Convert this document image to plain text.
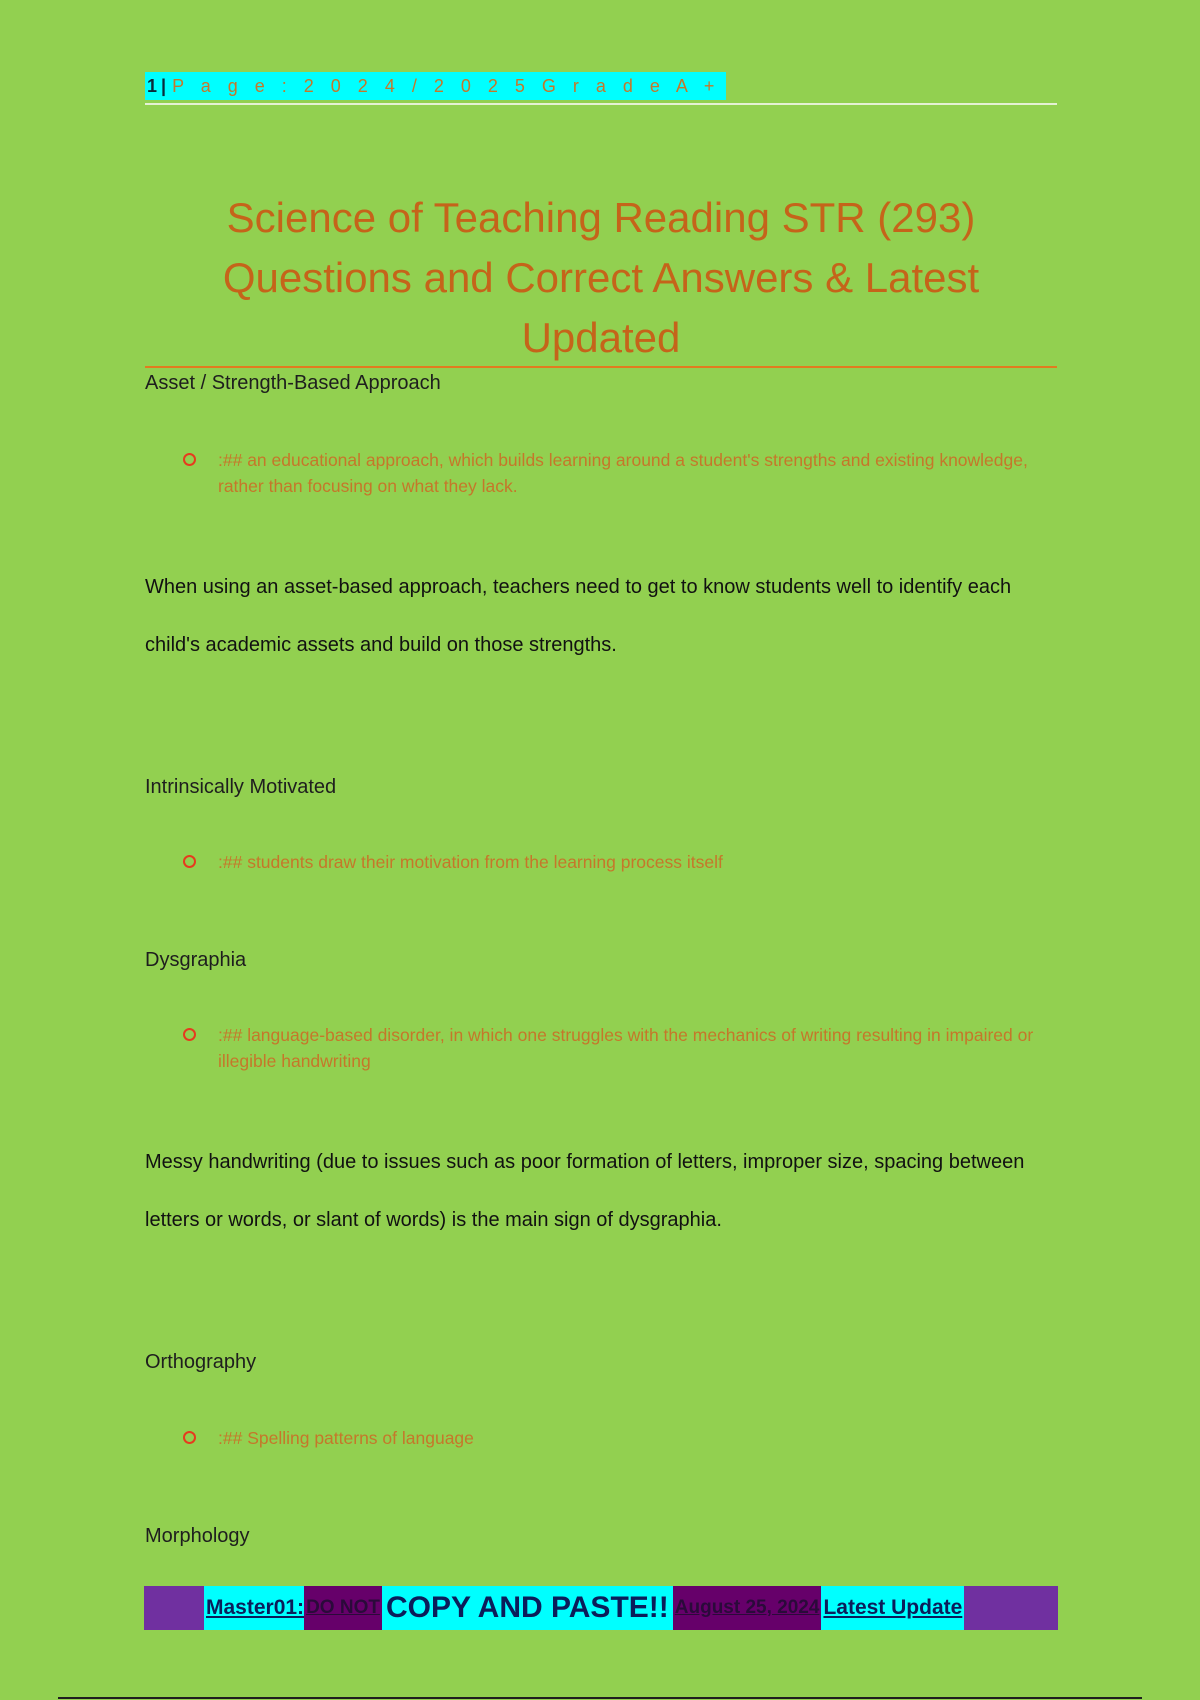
1 | P a g e : 2 0 2 4 / 2 0 2 5 G r a d e A +
Science of Teaching Reading STR (293)
Questions and Correct Answers & Latest
Updated
Asset / Strength-Based Approach
:## an educational approach, which builds learning around a student's strengths and existing knowledge, rather than focusing on what they lack.
When using an asset-based approach, teachers need to get to know students well to identify each child's academic assets and build on those strengths.
Intrinsically Motivated
:## students draw their motivation from the learning process itself
Dysgraphia
:## language-based disorder, in which one struggles with the mechanics of writing resulting in impaired or illegible handwriting
Messy handwriting (due to issues such as poor formation of letters, improper size, spacing between letters or words, or slant of words) is the main sign of dysgraphia.
Orthography
:## Spelling patterns of language
Morphology
Master01: DO NOT COPY AND PASTE!! August 25, 2024 Latest Update
